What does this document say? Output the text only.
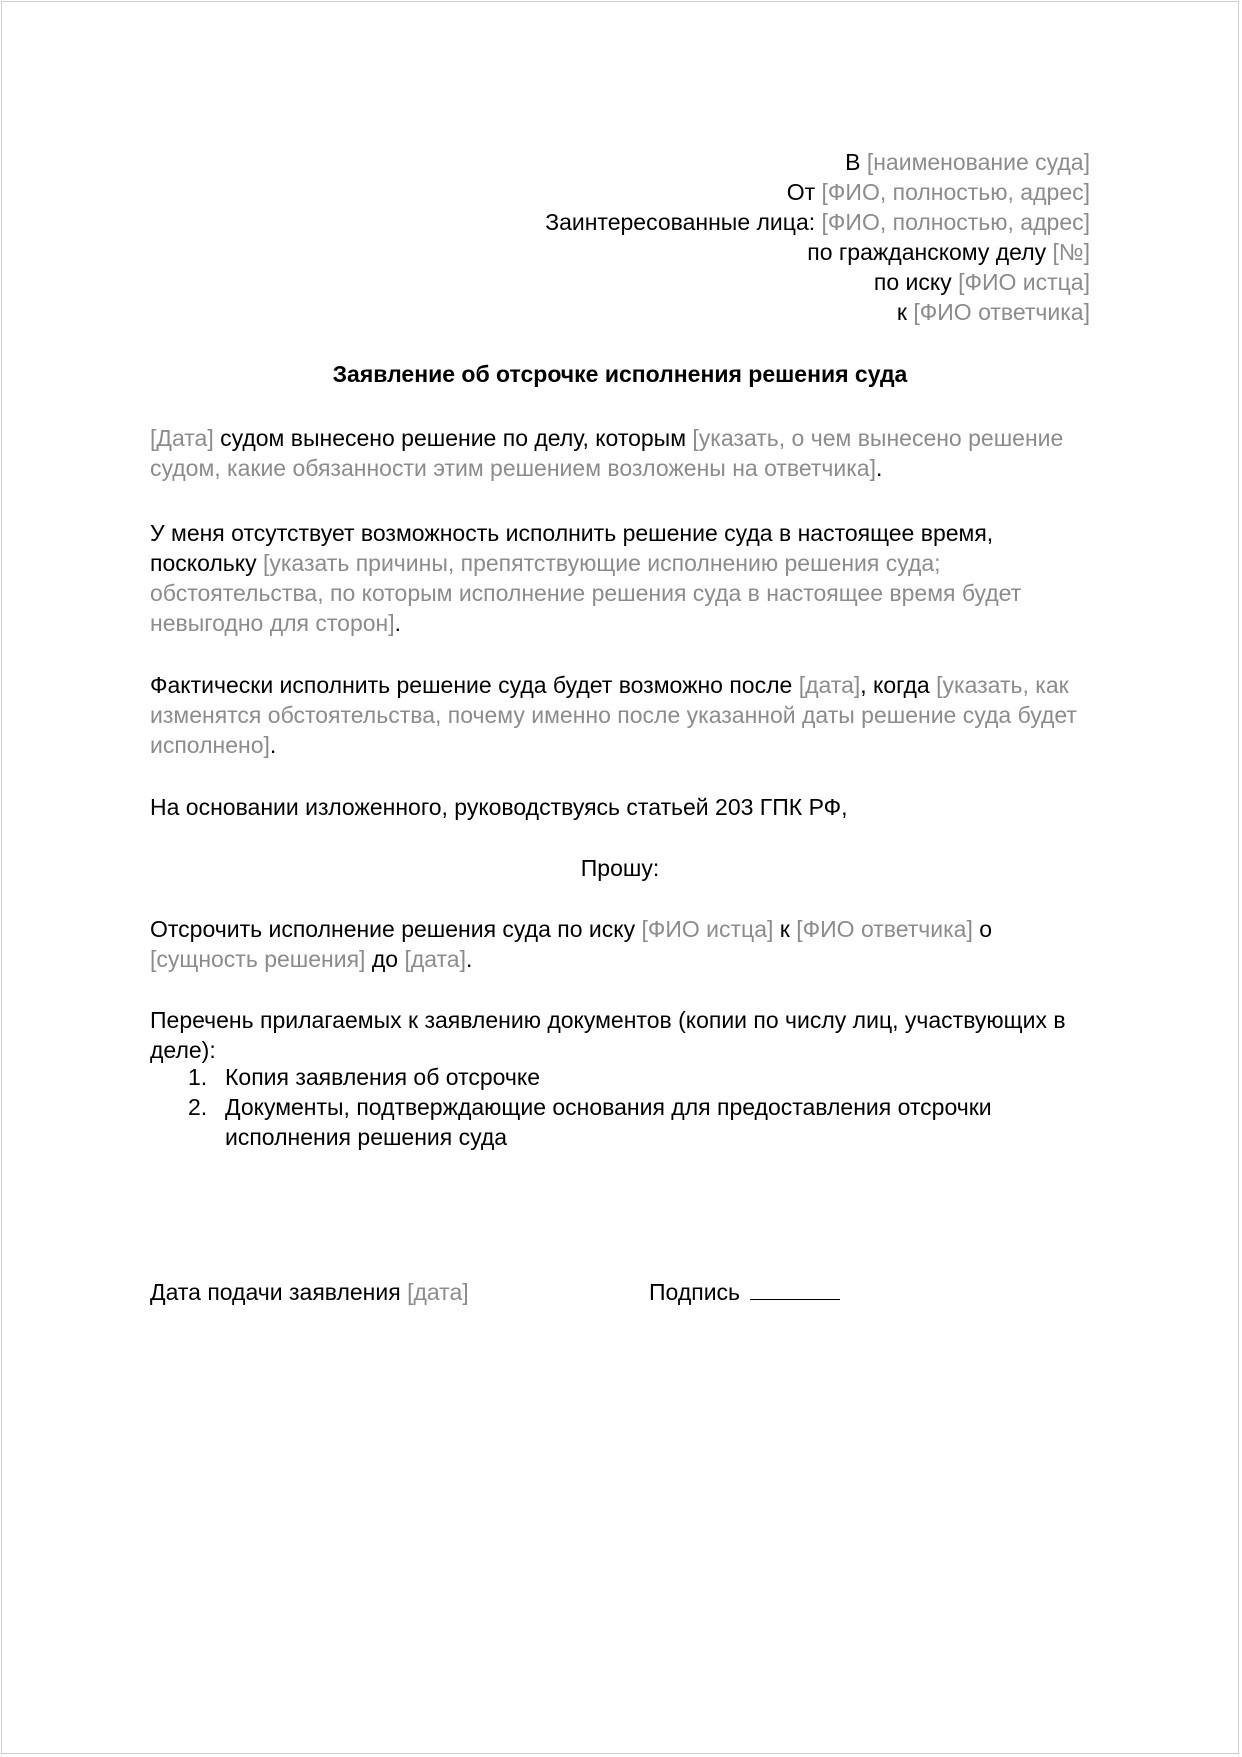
В [наименование суда]
От [ФИО, полностью, адрес]
Заинтересованные лица: [ФИО, полностью, адрес]
по гражданскому делу [№]
по иску [ФИО истца]
к [ФИО ответчика]
Заявление об отсрочке исполнения решения суда
[Дата] судом вынесено решение по делу, которым [указать, о чем вынесено решение судом, какие обязанности этим решением возложены на ответчика].
У меня отсутствует возможность исполнить решение суда в настоящее время, поскольку [указать причины, препятствующие исполнению решения суда; обстоятельства, по которым исполнение решения суда в настоящее время будет невыгодно для сторон].
Фактически исполнить решение суда будет возможно после [дата], когда [указать, как изменятся обстоятельства, почему именно после указанной даты решение суда будет исполнено].
На основании изложенного, руководствуясь статьей 203 ГПК РФ,
Прошу:
Отсрочить исполнение решения суда по иску [ФИО истца] к [ФИО ответчика] о [сущность решения] до [дата].
Перечень прилагаемых к заявлению документов (копии по числу лиц, участвующих в деле):
1. Копия заявления об отсрочке
2. Документы, подтверждающие основания для предоставления отсрочки исполнения решения суда
Дата подачи заявления [дата]	Подпись
